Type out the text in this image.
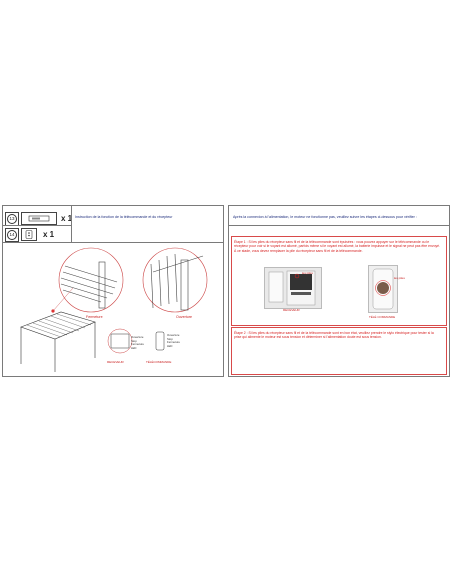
13	x 1
14	x 1
Instruction de la fonction de la télécommande et du récepteur
Fermeture	Ouverture
Ouverture
Stop
Fermeture
LED
Ouverture
Stop
Fermeture
LED
RECEVEUR	TÉLÉCOMMANDE
Après la connexion à l'alimentation, le moteur ne fonctionne pas, veuillez suivre les étapes ci-dessous pour vérifier :
Étape 1 : Si les piles du récepteur sans fil et de la télécommande sont épuisées : vous pouvez appuyer sur le télécommande ou le récepteur pour voir si le voyant est allumé, parfois même si le voyant est allumé, la batterie impuisse et le signal ne peut pas être envoyé. À ce stade, vous devez remplacer la pile du récepteur sans fil et de la télécommande.
les piles
RECEVEUR
les piles
TÉLÉ COMMANDE
Étape 2 : Si les piles du récepteur sans fil et de la télécommande sont en bon état, veuillez prendre le stylo électrique pour tester si la prise qui alimente le moteur est sous tension et déterminer si l'alimentation doute est sous tension.
